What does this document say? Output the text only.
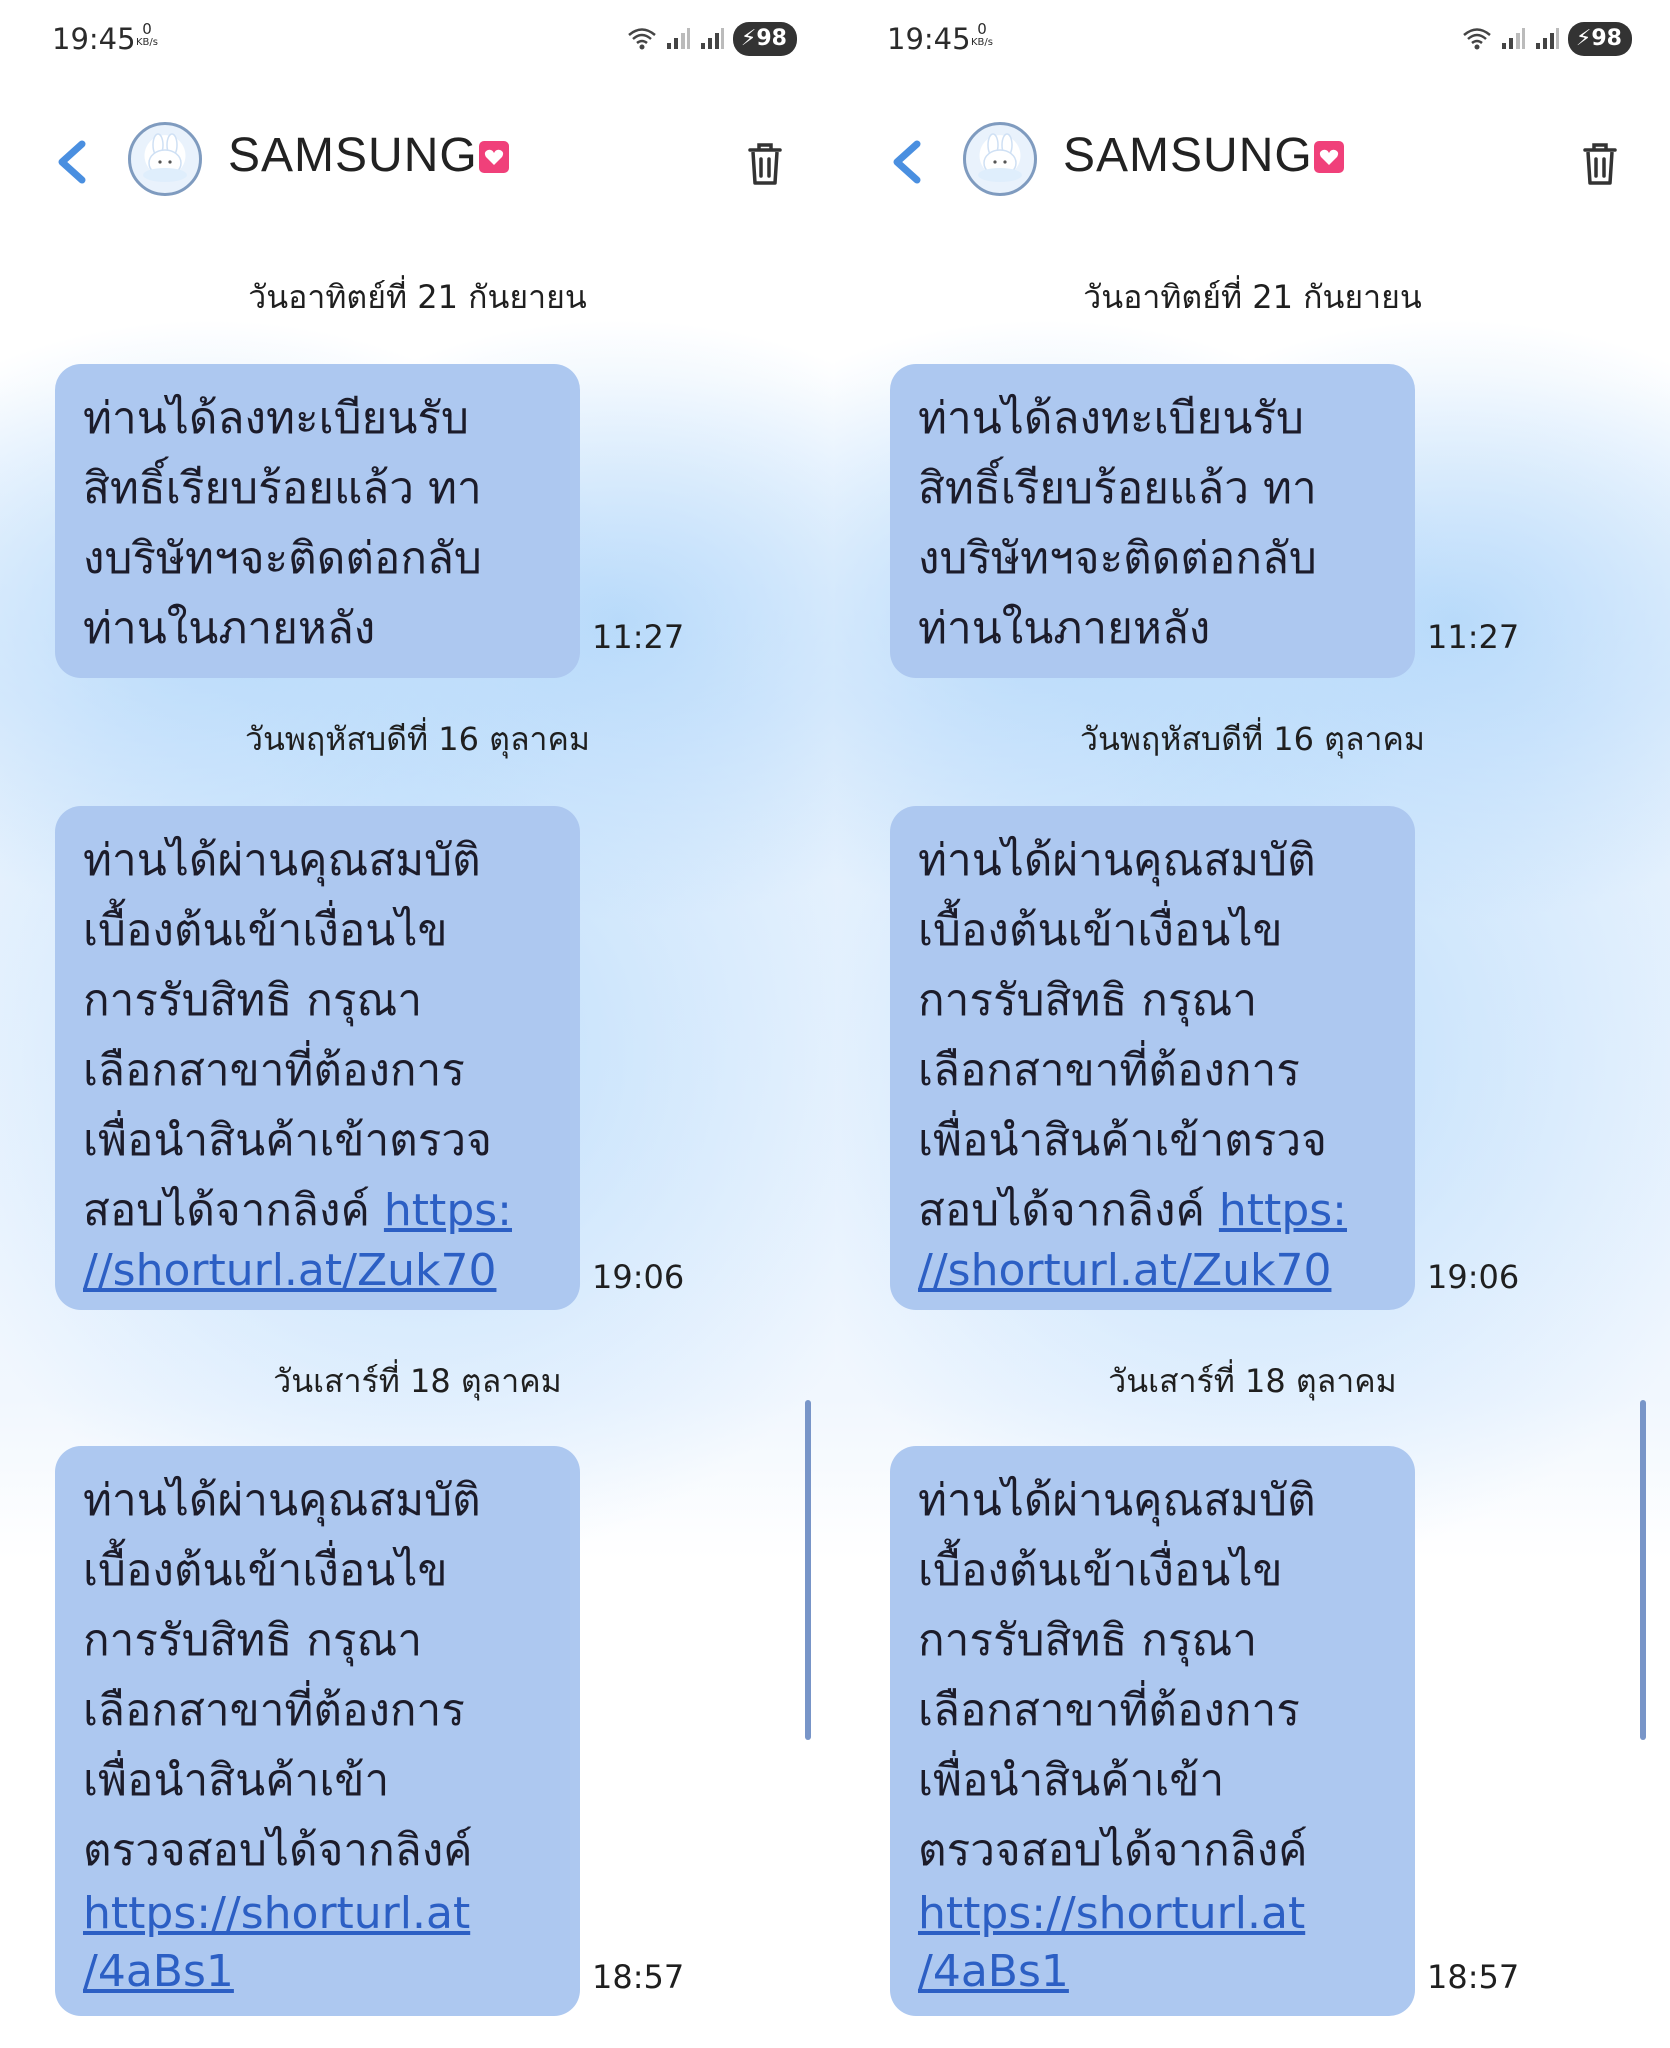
19:45 0
KB/s	⚡98
SAMSUNG
วันอาทิตย์ที่ 21 กันยายน
ท่านได้ลงทะเบียนรับ
สิทธิ์เรียบร้อยแล้ว ทา
งบริษัทฯจะติดต่อกลับ
ท่านในภายหลัง	11:27
วันพฤหัสบดีที่ 16 ตุลาคม
ท่านได้ผ่านคุณสมบัติ
เบื้องต้นเข้าเงื่อนไข
การรับสิทธิ กรุณา
เลือกสาขาที่ต้องการ
เพื่อนำสินค้าเข้าตรวจ
สอบได้จากลิงค์ https:
//shorturl.at/Zuk70	19:06
วันเสาร์ที่ 18 ตุลาคม
ท่านได้ผ่านคุณสมบัติ
เบื้องต้นเข้าเงื่อนไข
การรับสิทธิ กรุณา
เลือกสาขาที่ต้องการ
เพื่อนำสินค้าเข้า
ตรวจสอบได้จากลิงค์
https://shorturl.at
/4aBs1	18:57
19:45 0
KB/s	⚡98
SAMSUNG
วันอาทิตย์ที่ 21 กันยายน
ท่านได้ลงทะเบียนรับ
สิทธิ์เรียบร้อยแล้ว ทา
งบริษัทฯจะติดต่อกลับ
ท่านในภายหลัง	11:27
วันพฤหัสบดีที่ 16 ตุลาคม
ท่านได้ผ่านคุณสมบัติ
เบื้องต้นเข้าเงื่อนไข
การรับสิทธิ กรุณา
เลือกสาขาที่ต้องการ
เพื่อนำสินค้าเข้าตรวจ
สอบได้จากลิงค์ https:
//shorturl.at/Zuk70	19:06
วันเสาร์ที่ 18 ตุลาคม
ท่านได้ผ่านคุณสมบัติ
เบื้องต้นเข้าเงื่อนไข
การรับสิทธิ กรุณา
เลือกสาขาที่ต้องการ
เพื่อนำสินค้าเข้า
ตรวจสอบได้จากลิงค์
https://shorturl.at
/4aBs1	18:57
